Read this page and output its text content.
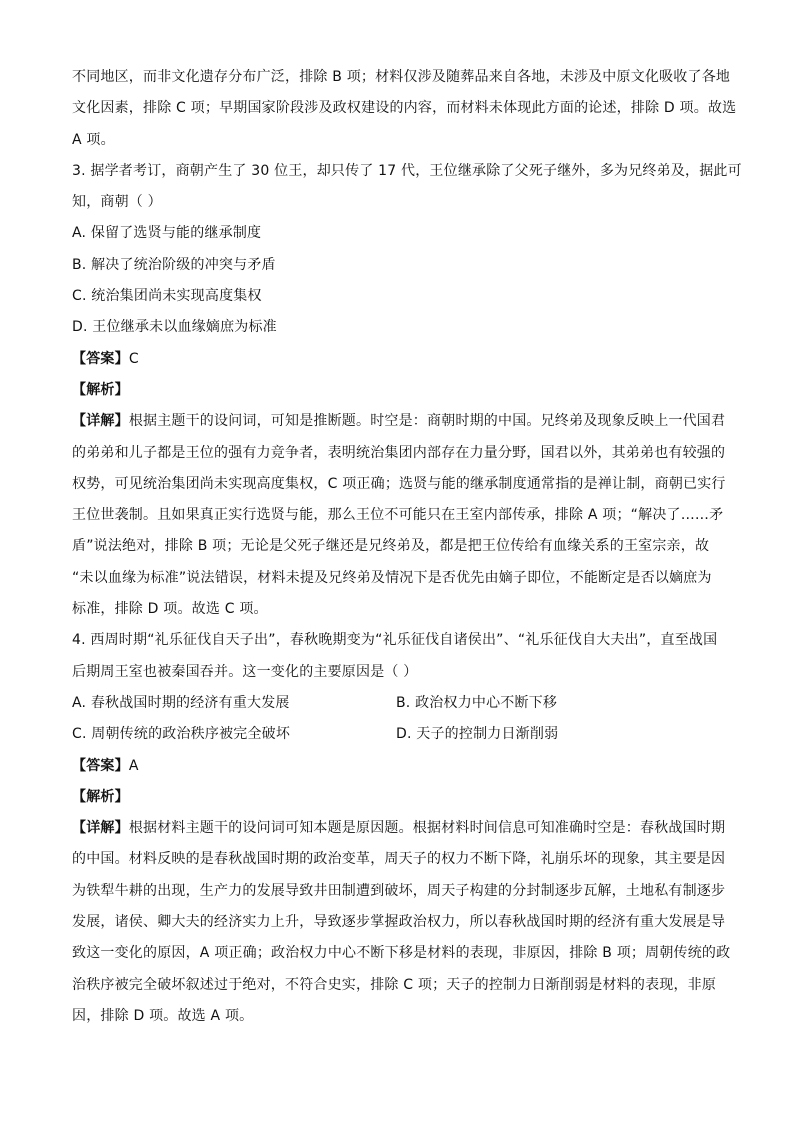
不同地区，而非文化遗存分布广泛，排除 B 项；材料仅涉及随葬品来自各地，未涉及中原文化吸收了各地
文化因素，排除 C 项；早期国家阶段涉及政权建设的内容，而材料未体现此方面的论述，排除 D 项。故选
A 项。
3. 据学者考订，商朝产生了 30 位王，却只传了 17 代，王位继承除了父死子继外，多为兄终弟及，据此可
知，商朝（ ）
A. 保留了选贤与能的继承制度
B. 解决了统治阶级的冲突与矛盾
C. 统治集团尚未实现高度集权
D. 王位继承未以血缘嫡庶为标准
【答案】C
【解析】
【详解】根据主题干的设问词，可知是推断题。时空是：商朝时期的中国。兄终弟及现象反映上一代国君
的弟弟和儿子都是王位的强有力竞争者，表明统治集团内部存在力量分野，国君以外，其弟弟也有较强的
权势，可见统治集团尚未实现高度集权，C 项正确；选贤与能的继承制度通常指的是禅让制，商朝已实行
王位世袭制。且如果真正实行选贤与能，那么王位不可能只在王室内部传承，排除 A 项；“解决了……矛
盾”说法绝对，排除 B 项；无论是父死子继还是兄终弟及，都是把王位传给有血缘关系的王室宗亲，故
“未以血缘为标准”说法错误，材料未提及兄终弟及情况下是否优先由嫡子即位，不能断定是否以嫡庶为
标准，排除 D 项。故选 C 项。
4. 西周时期“礼乐征伐自天子出”，春秋晚期变为“礼乐征伐自诸侯出”、“礼乐征伐自大夫出”，直至战国
后期周王室也被秦国吞并。这一变化的主要原因是（ ）
A. 春秋战国时期的经济有重大发展	B. 政治权力中心不断下移
C. 周朝传统的政治秩序被完全破坏	D. 天子的控制力日渐削弱
【答案】A
【解析】
【详解】根据材料主题干的设问词可知本题是原因题。根据材料时间信息可知准确时空是：春秋战国时期
的中国。材料反映的是春秋战国时期的政治变革，周天子的权力不断下降，礼崩乐坏的现象，其主要是因
为铁犁牛耕的出现，生产力的发展导致井田制遭到破坏，周天子构建的分封制逐步瓦解，土地私有制逐步
发展，诸侯、卿大夫的经济实力上升，导致逐步掌握政治权力，所以春秋战国时期的经济有重大发展是导
致这一变化的原因，A 项正确；政治权力中心不断下移是材料的表现，非原因，排除 B 项；周朝传统的政
治秩序被完全破坏叙述过于绝对，不符合史实，排除 C 项；天子的控制力日渐削弱是材料的表现，非原
因，排除 D 项。故选 A 项。
